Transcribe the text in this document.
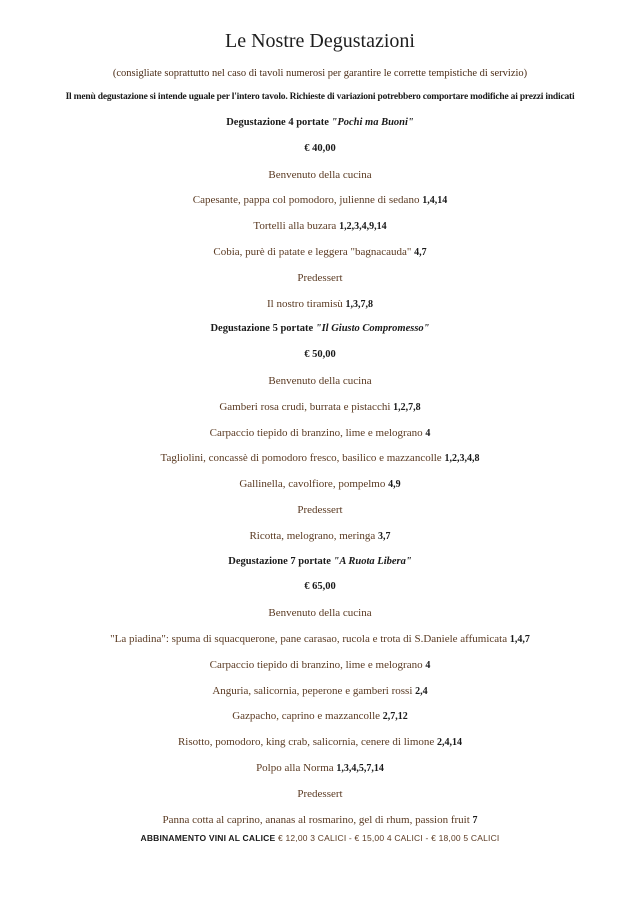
Le Nostre Degustazioni
(consigliate soprattutto nel caso di tavoli numerosi per garantire le corrette tempistiche di servizio)
Il menù degustazione si intende uguale per l'intero tavolo. Richieste di variazioni potrebbero comportare modifiche ai prezzi indicati
Degustazione 4 portate "Pochi ma Buoni"
€ 40,00
Benvenuto della cucina
Capesante, pappa col pomodoro, julienne di sedano 1,4,14
Tortelli alla buzara 1,2,3,4,9,14
Cobia, purè di patate e leggera "bagnacauda" 4,7
Predessert
Il nostro tiramisù 1,3,7,8
Degustazione 5 portate "Il Giusto Compromesso"
€ 50,00
Benvenuto della cucina
Gamberi rosa crudi, burrata e pistacchi 1,2,7,8
Carpaccio tiepido di branzino, lime e melograno 4
Tagliolini, concassè di pomodoro fresco, basilico e mazzancolle 1,2,3,4,8
Gallinella, cavolfiore, pompelmo 4,9
Predessert
Ricotta, melograno, meringa 3,7
Degustazione 7 portate "A Ruota Libera"
€ 65,00
Benvenuto della cucina
"La piadina": spuma di squacquerone, pane carasao, rucola e trota di S.Daniele affumicata 1,4,7
Carpaccio tiepido di branzino, lime e melograno 4
Anguria, salicornia, peperone e gamberi rossi 2,4
Gazpacho, caprino e mazzancolle 2,7,12
Risotto, pomodoro, king crab, salicornia, cenere di limone 2,4,14
Polpo alla Norma 1,3,4,5,7,14
Predessert
Panna cotta al caprino, ananas al rosmarino, gel di rhum, passion fruit 7
ABBINAMENTO VINI AL CALICE € 12,00 3 CALICI - € 15,00 4 CALICI - € 18,00 5 CALICI
